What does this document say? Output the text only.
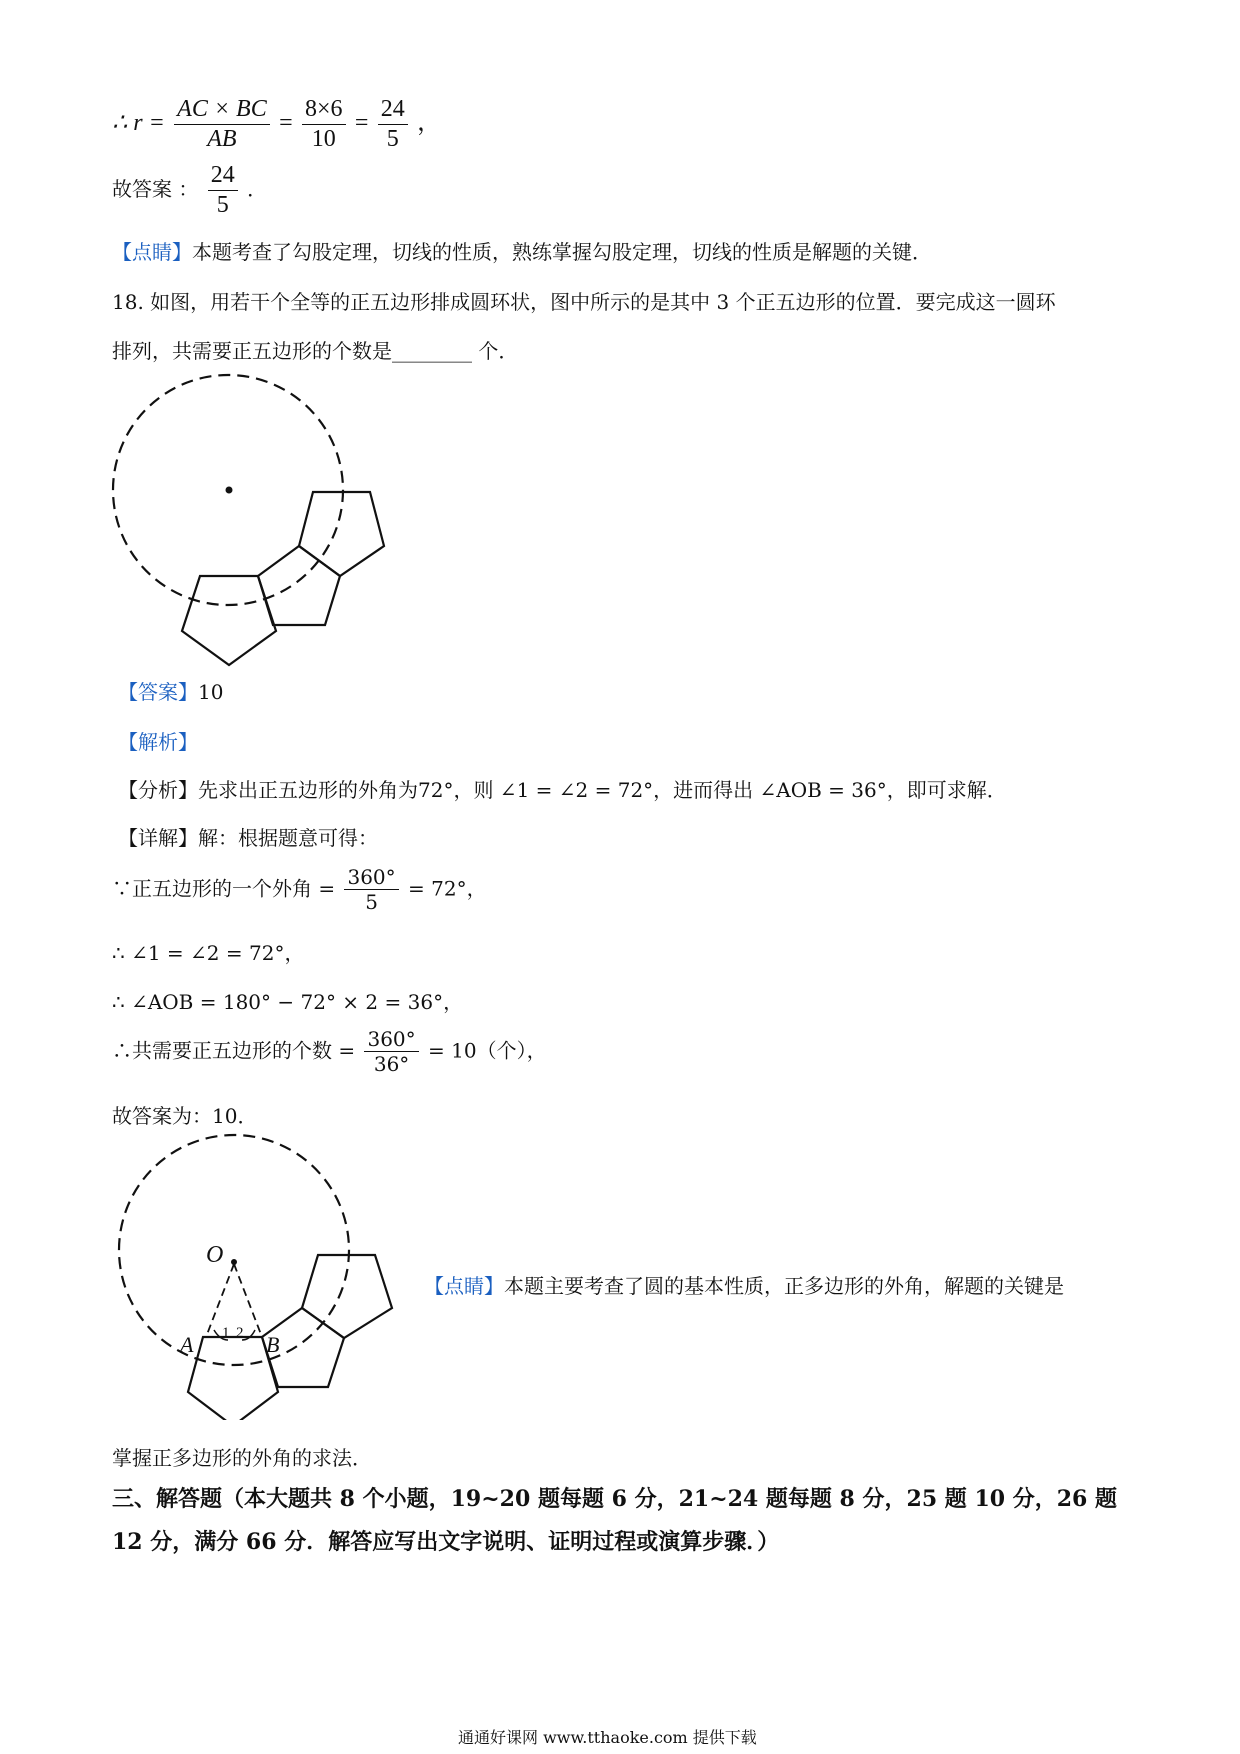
∴ $r = \frac{AC \times BC}{AB} = \frac{8\times 6}{10} = \frac{24}{5}$ ，
故答案 ： $\frac{24}{5}$ ．
【点睛】本题考查了勾股定理，切线的性质，熟练掌握勾股定理，切线的性质是解题的关键．
18. 如图，用若干个全等的正五边形排成圆环状，图中所示的是其中 3 个正五边形的位置．要完成这一圆环
排列，共需要正五边形的个数是________ 个．
【答案】10
【解析】
【分析】先求出正五边形的外角为72°，则 ∠1 = ∠2 = 72°，进而得出 ∠AOB = 36°，即可求解．
【详解】解：根据题意可得：
∵正五边形的一个外角 = $\frac{360^\circ}{5} = 72^\circ$，
∴ ∠1 = ∠2 = 72°，
∴ ∠AOB = 180° − 72° × 2 = 36°，
∴共需要正五边形的个数 = $\frac{360^\circ}{36^\circ} = 10$（个），
故答案为：10．
O
A	B
1 2
【点睛】本题主要考查了圆的基本性质，正多边形的外角，解题的关键是
掌握正多边形的外角的求法．
三、解答题（本大题共 8 个小题，19~20 题每题 6 分，21~24 题每题 8 分，25 题 10 分，26 题
12 分，满分 66 分．解答应写出文字说明、证明过程或演算步骤．）
通通好课网 www.tthaoke.com 提供下载
